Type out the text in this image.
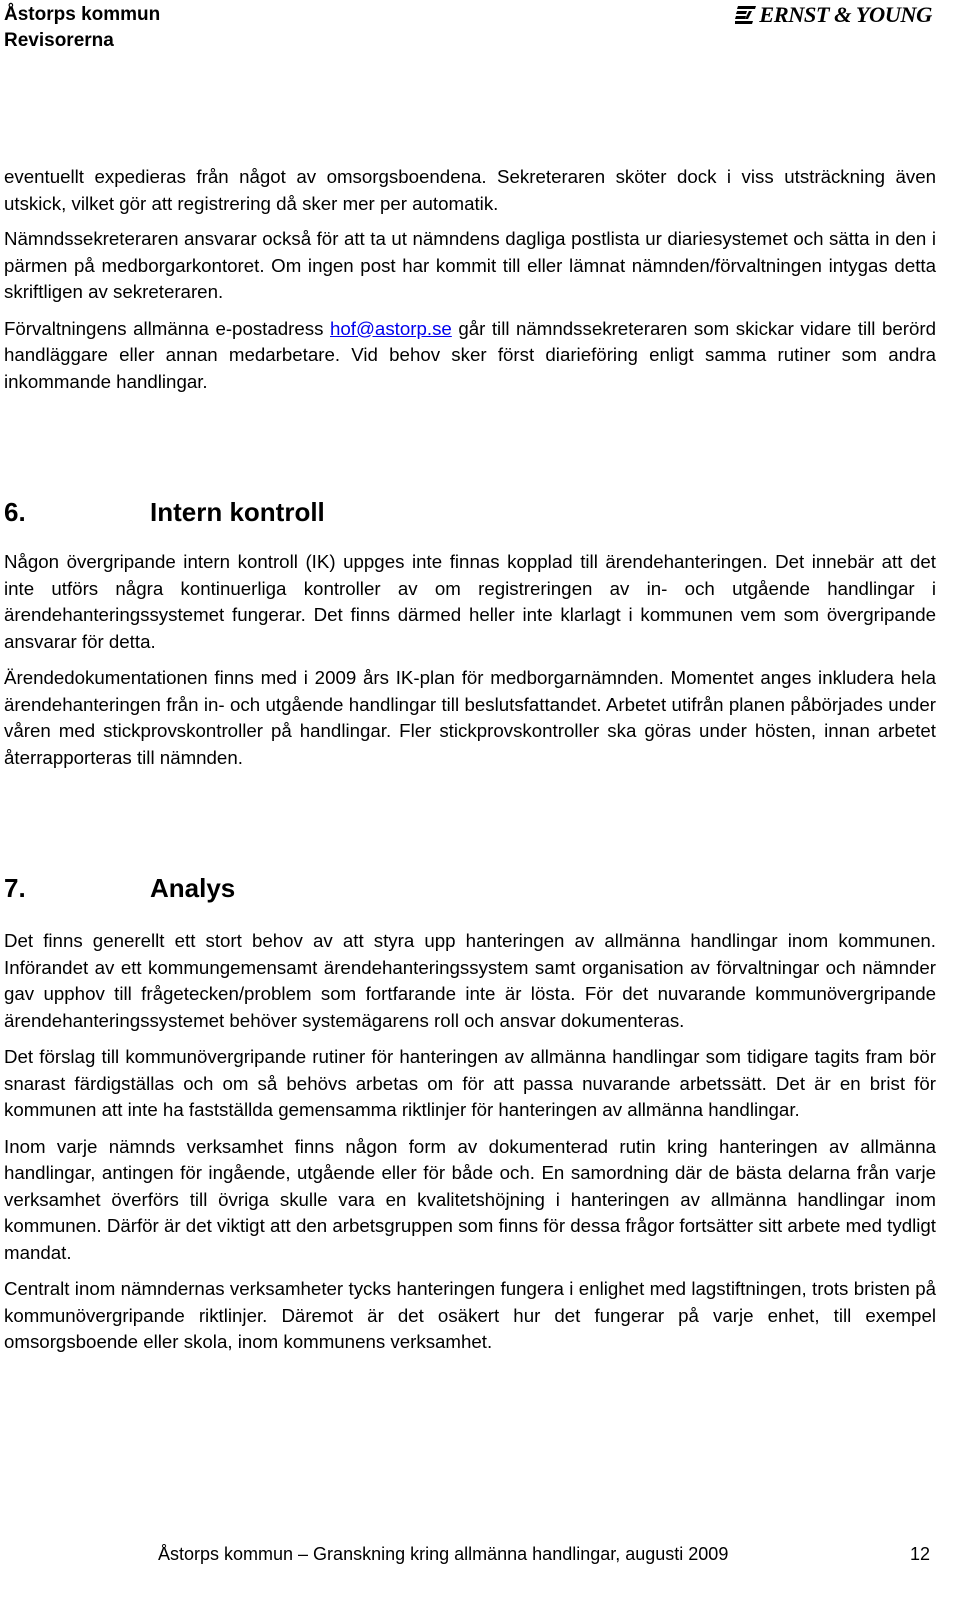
Åstorps kommun
Revisorerna
ERNST & YOUNG

eventuellt expedieras från något av omsorgsboendena. Sekreteraren sköter dock i viss utsträckning även utskick, vilket gör att registrering då sker mer per automatik.

Nämndssekreteraren ansvarar också för att ta ut nämndens dagliga postlista ur diariesystemet och sätta in den i pärmen på medborgarkontoret. Om ingen post har kommit till eller lämnat nämnden/förvaltningen intygas detta skriftligen av sekreteraren.

Förvaltningens allmänna e-postadress hof@astorp.se går till nämndssekreteraren som skickar vidare till berörd handläggare eller annan medarbetare. Vid behov sker först diarieföring enligt samma rutiner som andra inkommande handlingar.

6.	Intern kontroll

Någon övergripande intern kontroll (IK) uppges inte finnas kopplad till ärendehanteringen. Det innebär att det inte utförs några kontinuerliga kontroller av om registreringen av in- och utgående handlingar i ärendehanteringssystemet fungerar. Det finns därmed heller inte klarlagt i kommunen vem som övergripande ansvarar för detta.

Ärendedokumentationen finns med i 2009 års IK-plan för medborgarnämnden. Momentet anges inkludera hela ärendehanteringen från in- och utgående handlingar till beslutsfattandet. Arbetet utifrån planen påbörjades under våren med stickprovskontroller på handlingar. Fler stickprovskontroller ska göras under hösten, innan arbetet återrapporteras till nämnden.

7.	Analys

Det finns generellt ett stort behov av att styra upp hanteringen av allmänna handlingar inom kommunen. Införandet av ett kommungemensamt ärendehanteringssystem samt organisation av förvaltningar och nämnder gav upphov till frågetecken/problem som fortfarande inte är lösta. För det nuvarande kommunövergripande ärendehanteringssystemet behöver systemägarens roll och ansvar dokumenteras.

Det förslag till kommunövergripande rutiner för hanteringen av allmänna handlingar som tidigare tagits fram bör snarast färdigställas och om så behövs arbetas om för att passa nuvarande arbetssätt. Det är en brist för kommunen att inte ha fastställda gemensamma riktlinjer för hanteringen av allmänna handlingar.

Inom varje nämnds verksamhet finns någon form av dokumenterad rutin kring hanteringen av allmänna handlingar, antingen för ingående, utgående eller för både och. En samordning där de bästa delarna från varje verksamhet överförs till övriga skulle vara en kvalitetshöjning i hanteringen av allmänna handlingar inom kommunen. Därför är det viktigt att den arbetsgruppen som finns för dessa frågor fortsätter sitt arbete med tydligt mandat.

Centralt inom nämndernas verksamheter tycks hanteringen fungera i enlighet med lagstiftningen, trots bristen på kommunövergripande riktlinjer. Däremot är det osäkert hur det fungerar på varje enhet, till exempel omsorgsboende eller skola, inom kommunens verksamhet.

Åstorps kommun – Granskning kring allmänna handlingar, augusti 2009	12
